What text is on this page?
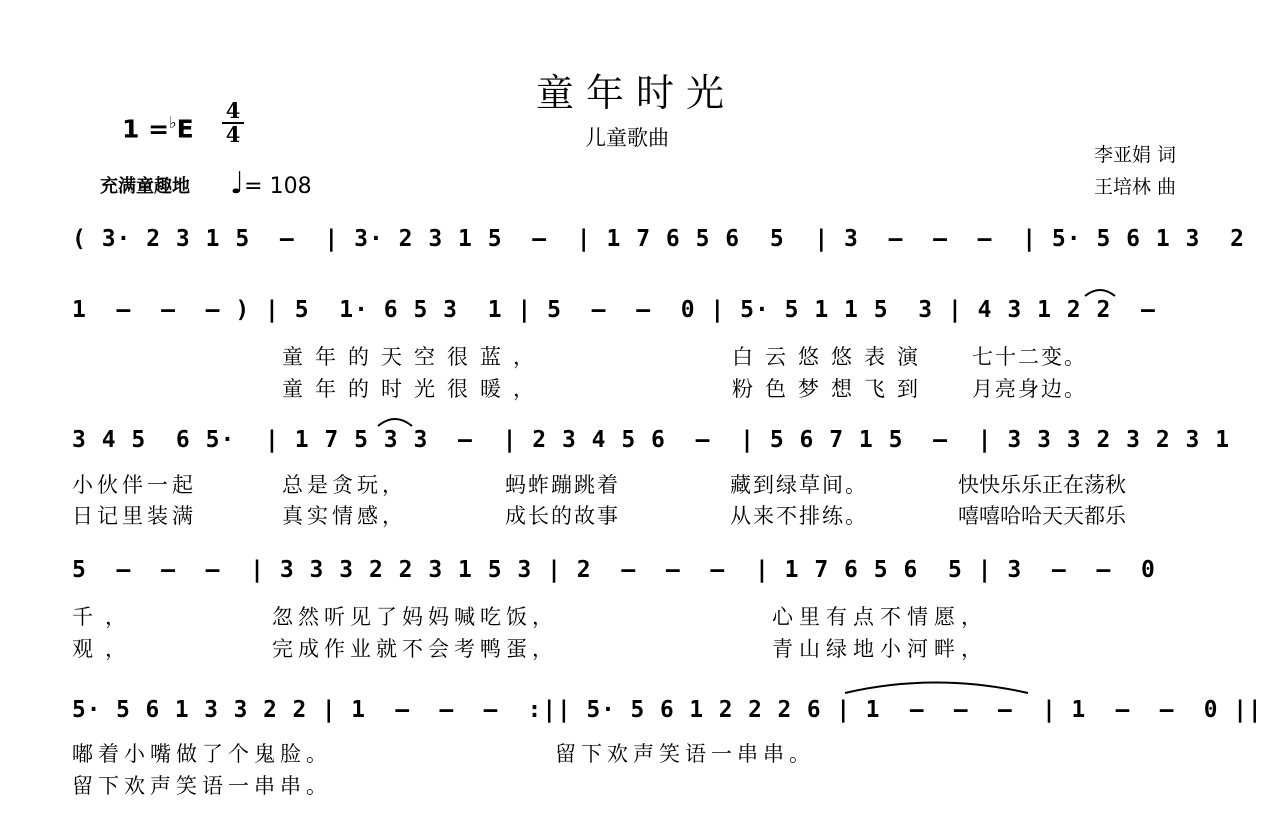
童年时光
儿童歌曲
1 =♭E
4
4
充满童趣地 ♩= 108
李亚娟 词
王培林 曲
( 3· 2 3 1 5  –  | 3· 2 3 1 5  –  | 1 7 6 5 6  5  | 3  –  –  –  | 5· 5 6 1 3  2
1  –  –  – ) | 5  1· 6 5 3  1 | 5  –  –  0 | 5· 5 1 1 5  3 | 4 3 1 2 2  –
3 4 5  6 5·  | 1 7 5 3 3  –  | 2 3 4 5 6  –  | 5 6 7 1 5  –  | 3 3 3 2 3 2 3 1
5  –  –  –  | 3 3 3 2 2 3 1 5 3 | 2  –  –  –  | 1 7 6 5 6  5 | 3  –  –  0
5· 5 6 1 3 3 2 2 | 1  –  –  –  :|| 5· 5 6 1 2 2 2 6 | 1  –  –  –  | 1  –  –  0 ||
童年的天空很蓝，	白云悠悠表演 七十二变。
童年的时光很暖，	粉色梦想飞到 月亮身边。
小伙伴一起	总是贪玩，	蚂蚱蹦跳着	藏到绿草间。	快快乐乐正在荡秋
日记里装满	真实情感，	成长的故事	从来不排练。	嘻嘻哈哈天天都乐
千，	忽然听见了妈妈喊吃饭，	心里有点不情愿，
观，	完成作业就不会考鸭蛋，	青山绿地小河畔，
嘟着小嘴做了个鬼脸。	留下欢声笑语一串串。
留下欢声笑语一串串。
